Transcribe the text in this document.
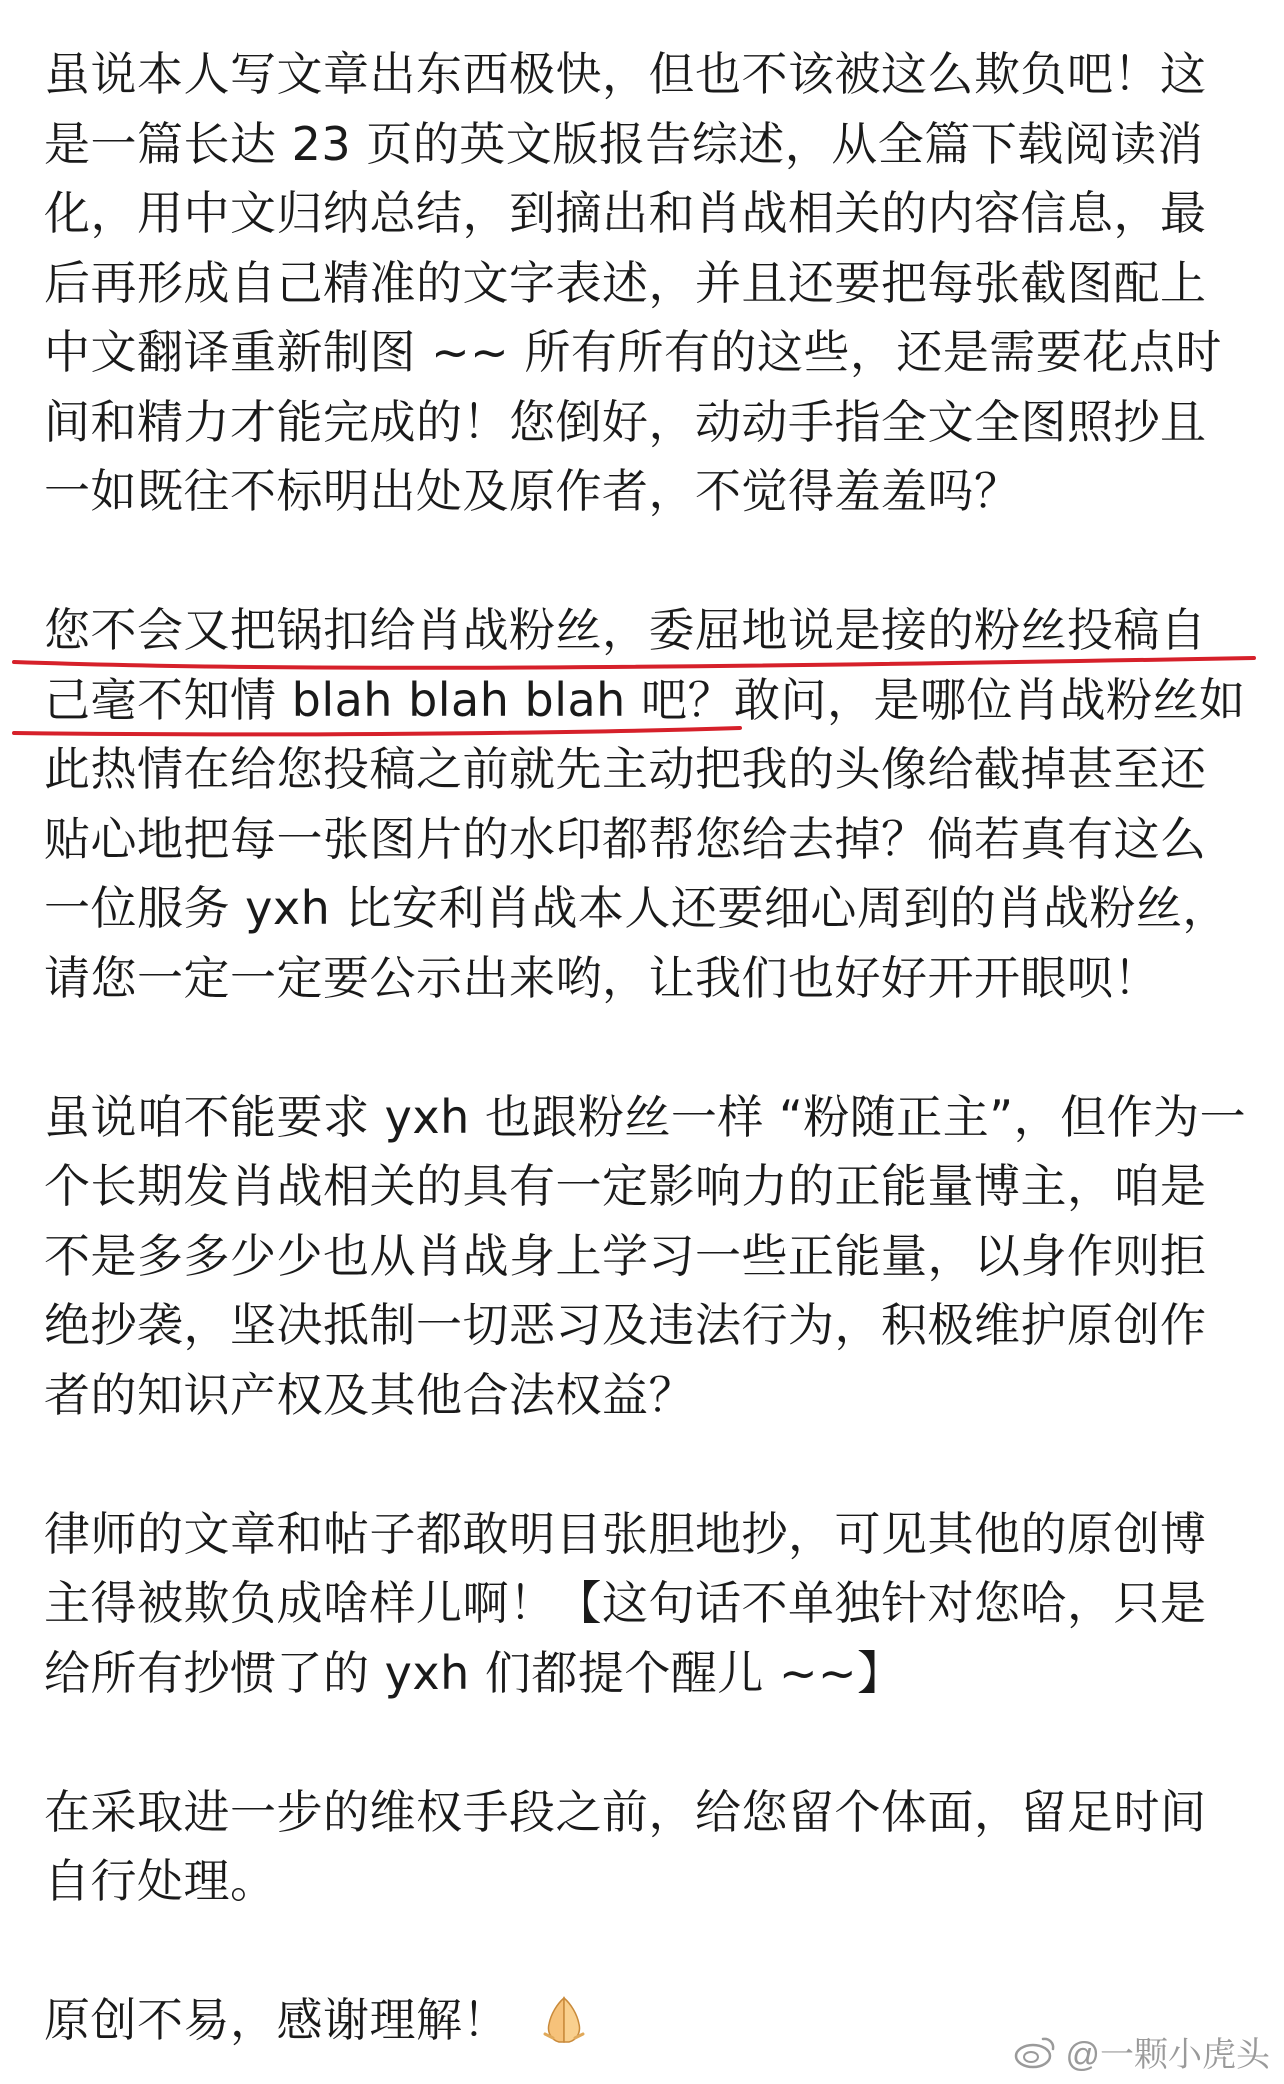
虽说本人写文章出东西极快，但也不该被这么欺负吧！这
是一篇长达 23 页的英文版报告综述，从全篇下载阅读消
化，用中文归纳总结，到摘出和肖战相关的内容信息，最
后再形成自己精准的文字表述，并且还要把每张截图配上
中文翻译重新制图 ~~ 所有所有的这些，还是需要花点时
间和精力才能完成的！您倒好，动动手指全文全图照抄且
一如既往不标明出处及原作者，不觉得羞羞吗？
您不会又把锅扣给肖战粉丝，委屈地说是接的粉丝投稿自
己毫不知情 blah blah blah 吧？敢问，是哪位肖战粉丝如
此热情在给您投稿之前就先主动把我的头像给截掉甚至还
贴心地把每一张图片的水印都帮您给去掉？倘若真有这么
一位服务 yxh 比安利肖战本人还要细心周到的肖战粉丝，
请您一定一定要公示出来哟，让我们也好好开开眼呗！
虽说咱不能要求 yxh 也跟粉丝一样 “粉随正主”，但作为一
个长期发肖战相关的具有一定影响力的正能量博主，咱是
不是多多少少也从肖战身上学习一些正能量，以身作则拒
绝抄袭，坚决抵制一切恶习及违法行为，积极维护原创作
者的知识产权及其他合法权益？
律师的文章和帖子都敢明目张胆地抄，可见其他的原创博
主得被欺负成啥样儿啊！【这句话不单独针对您哈，只是
给所有抄惯了的 yxh 们都提个醒儿 ~~】
在采取进一步的维权手段之前，给您留个体面，留足时间
自行处理。
原创不易，感谢理解！
@一颗小虎头
